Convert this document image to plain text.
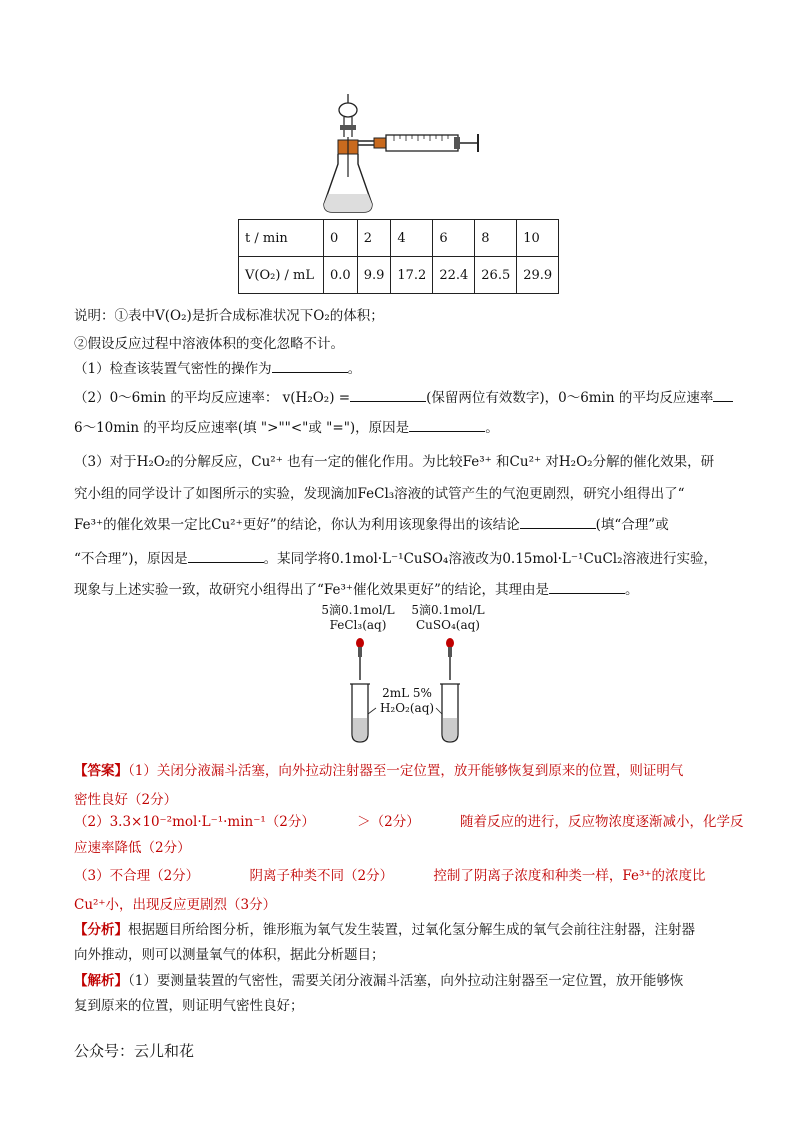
t / min	0	2	4	6	8	10
V(O₂) / mL	0.0	9.9	17.2	22.4	26.5	29.9
说明：①表中V(O₂)是折合成标准状况下O₂的体积；
②假设反应过程中溶液体积的变化忽略不计。
（1）检查该装置气密性的操作为	。
（2）0～6min 的平均反应速率： v(H₂O₂) =	(保留两位有效数字)，0～6min 的平均反应速率
6～10min 的平均反应速率(填 ">""<"或 "=")，原因是	。
（3）对于H₂O₂的分解反应，Cu²⁺ 也有一定的催化作用。为比较Fe³⁺ 和Cu²⁺ 对H₂O₂分解的催化效果，研
究小组的同学设计了如图所示的实验，发现滴加FeCl₃溶液的试管产生的气泡更剧烈，研究小组得出了“
Fe³⁺的催化效果一定比Cu²⁺更好”的结论，你认为利用该现象得出的该结论	(填“合理”或
“不合理”)，原因是	。某同学将0.1mol·L⁻¹CuSO₄溶液改为0.15mol·L⁻¹CuCl₂溶液进行实验，
现象与上述实验一致，故研究小组得出了“Fe³⁺催化效果更好”的结论，其理由是	。
5滴0.1mol/L
FeCl₃(aq)
5滴0.1mol/L
CuSO₄(aq)
2mL 5%
H₂O₂(aq)
【答案】（1）关闭分液漏斗活塞，向外拉动注射器至一定位置，放开能够恢复到原来的位置，则证明气
密性良好（2分）
（2）3.3×10⁻²mol·L⁻¹·min⁻¹（2分）	＞（2分）	随着反应的进行，反应物浓度逐渐减小，化学反
应速率降低（2分）
（3）不合理（2分）	阴离子种类不同（2分）	控制了阴离子浓度和种类一样，Fe³⁺的浓度比
Cu²⁺小，出现反应更剧烈（3分）
【分析】根据题目所给图分析，锥形瓶为氧气发生装置，过氧化氢分解生成的氧气会前往注射器，注射器
向外推动，则可以测量氧气的体积，据此分析题目；
【解析】（1）要测量装置的气密性，需要关闭分液漏斗活塞，向外拉动注射器至一定位置，放开能够恢
复到原来的位置，则证明气密性良好；
公众号：云儿和花
